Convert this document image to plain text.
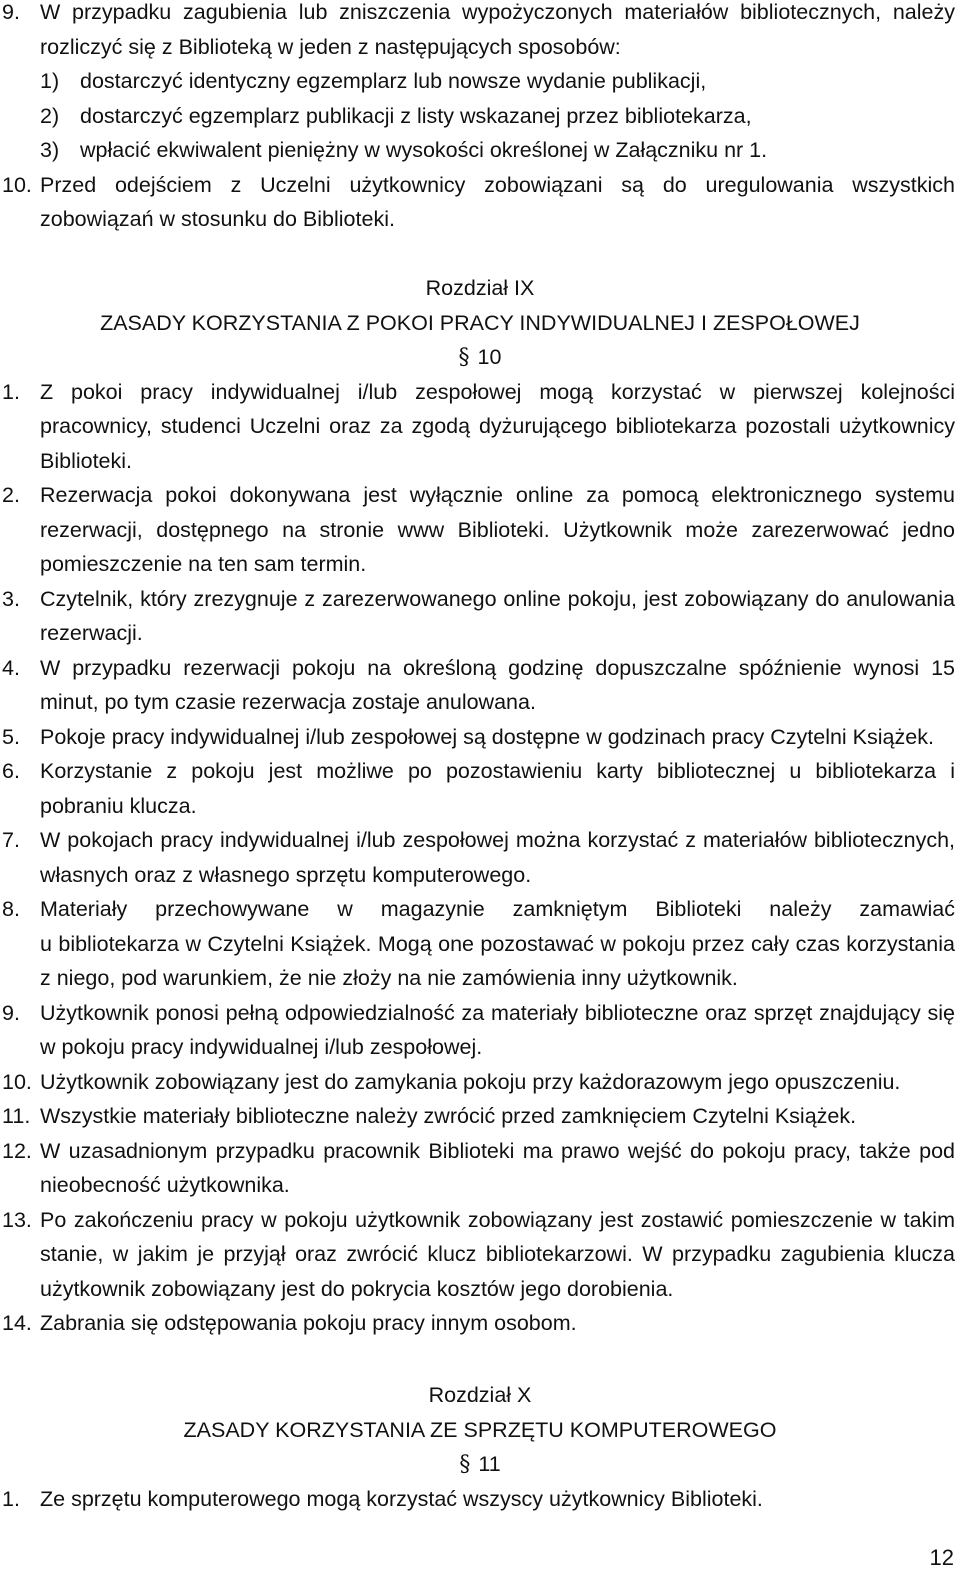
9. W przypadku zagubienia lub zniszczenia wypożyczonych materiałów bibliotecznych, należy
rozliczyć się z Biblioteką w jeden z następujących sposobów:
1) dostarczyć identyczny egzemplarz lub nowsze wydanie publikacji,
2) dostarczyć egzemplarz publikacji z listy wskazanej przez bibliotekarza,
3) wpłacić ekwiwalent pieniężny w wysokości określonej w Załączniku nr 1.
10. Przed odejściem z Uczelni użytkownicy zobowiązani są do uregulowania wszystkich
zobowiązań w stosunku do Biblioteki.
Rozdział IX
ZASADY KORZYSTANIA Z POKOI PRACY INDYWIDUALNEJ I ZESPOŁOWEJ
§ 10
1. Z pokoi pracy indywidualnej i/lub zespołowej mogą korzystać w pierwszej kolejności
pracownicy, studenci Uczelni oraz za zgodą dyżurującego bibliotekarza pozostali użytkownicy
Biblioteki.
2. Rezerwacja pokoi dokonywana jest wyłącznie online za pomocą elektronicznego systemu
rezerwacji, dostępnego na stronie www Biblioteki. Użytkownik może zarezerwować jedno
pomieszczenie na ten sam termin.
3. Czytelnik, który zrezygnuje z zarezerwowanego online pokoju, jest zobowiązany do anulowania
rezerwacji.
4. W przypadku rezerwacji pokoju na określoną godzinę dopuszczalne spóźnienie wynosi 15
minut, po tym czasie rezerwacja zostaje anulowana.
5. Pokoje pracy indywidualnej i/lub zespołowej są dostępne w godzinach pracy Czytelni Książek.
6. Korzystanie z pokoju jest możliwe po pozostawieniu karty bibliotecznej u bibliotekarza i
pobraniu klucza.
7. W pokojach pracy indywidualnej i/lub zespołowej można korzystać z materiałów bibliotecznych,
własnych oraz z własnego sprzętu komputerowego.
8. Materiały przechowywane w magazynie zamkniętym Biblioteki należy zamawiać
u bibliotekarza w Czytelni Książek. Mogą one pozostawać w pokoju przez cały czas korzystania
z niego, pod warunkiem, że nie złoży na nie zamówienia inny użytkownik.
9. Użytkownik ponosi pełną odpowiedzialność za materiały biblioteczne oraz sprzęt znajdujący się
w pokoju pracy indywidualnej i/lub zespołowej.
10. Użytkownik zobowiązany jest do zamykania pokoju przy każdorazowym jego opuszczeniu.
11. Wszystkie materiały biblioteczne należy zwrócić przed zamknięciem Czytelni Książek.
12. W uzasadnionym przypadku pracownik Biblioteki ma prawo wejść do pokoju pracy, także pod
nieobecność użytkownika.
13. Po zakończeniu pracy w pokoju użytkownik zobowiązany jest zostawić pomieszczenie w takim
stanie, w jakim je przyjął oraz zwrócić klucz bibliotekarzowi. W przypadku zagubienia klucza
użytkownik zobowiązany jest do pokrycia kosztów jego dorobienia.
14. Zabrania się odstępowania pokoju pracy innym osobom.
Rozdział X
ZASADY KORZYSTANIA ZE SPRZĘTU KOMPUTEROWEGO
§ 11
1. Ze sprzętu komputerowego mogą korzystać wszyscy użytkownicy Biblioteki.
12
